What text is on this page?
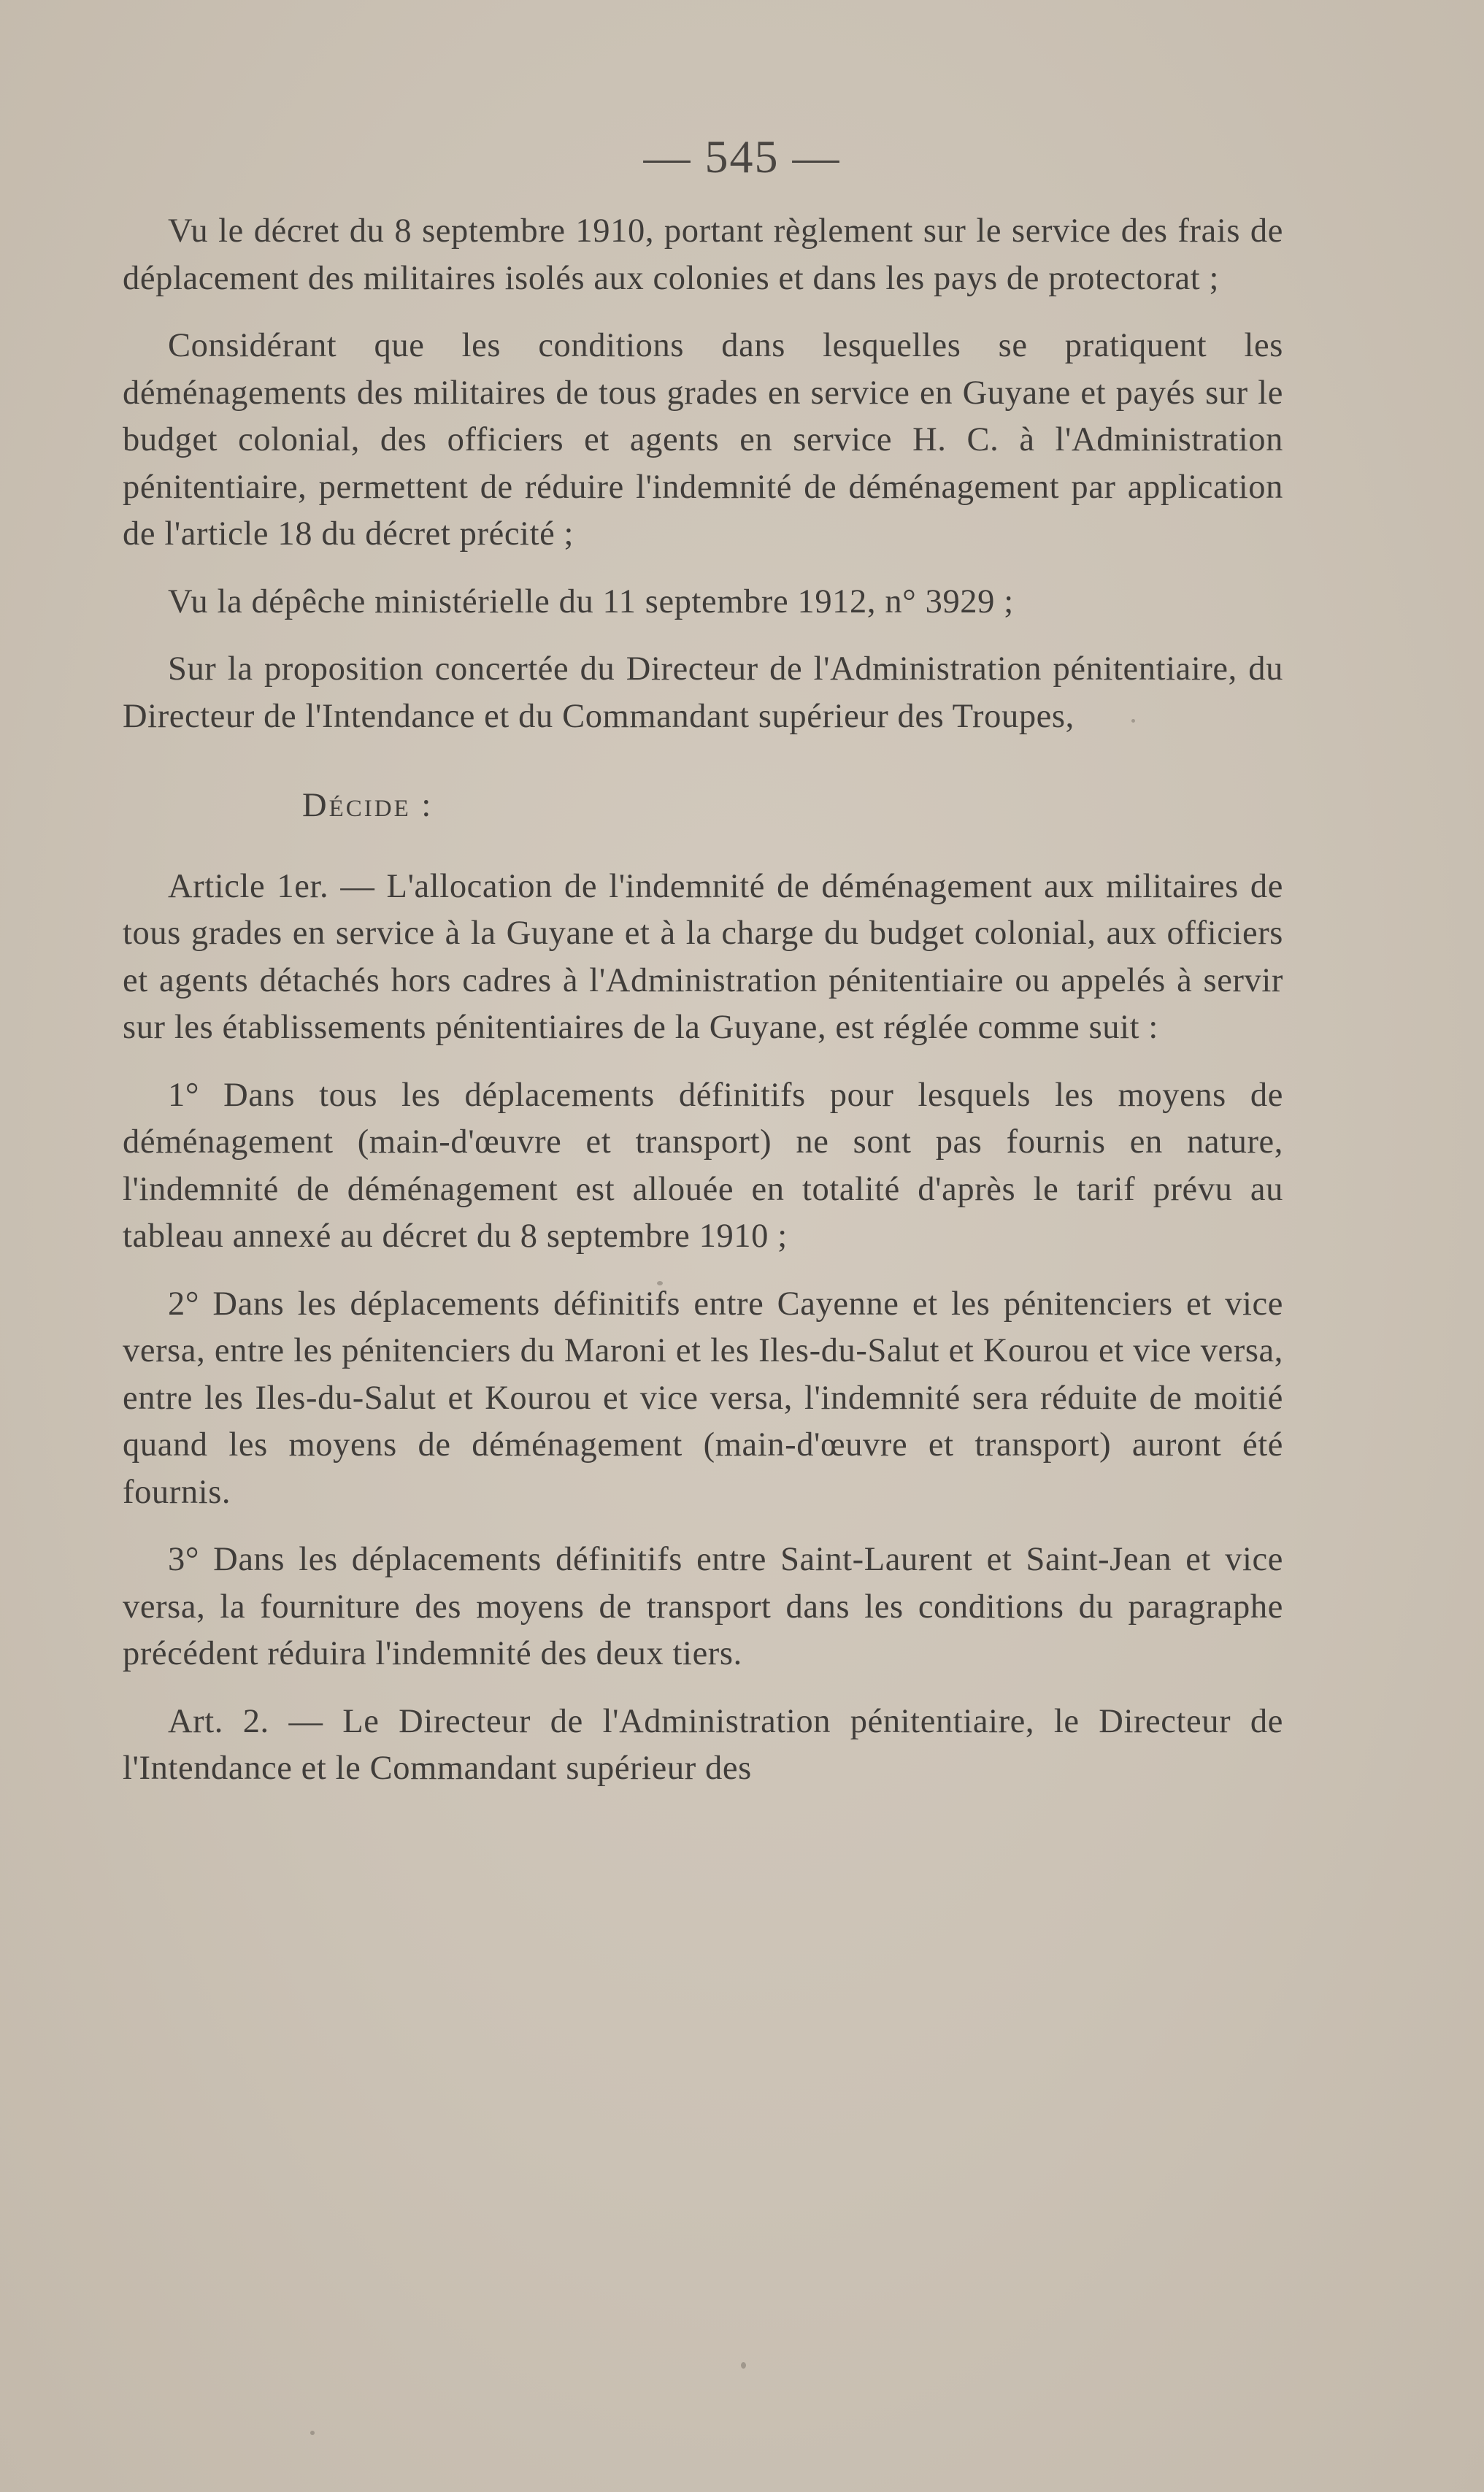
— 545 —

Vu le décret du 8 septembre 1910, portant règlement sur le service des frais de déplacement des militaires isolés aux colonies et dans les pays de protectorat ;

Considérant que les conditions dans lesquelles se pratiquent les déménagements des militaires de tous grades en service en Guyane et payés sur le budget colonial, des officiers et agents en service H. C. à l'Administration pénitentiaire, permettent de réduire l'indemnité de déménagement par application de l'article 18 du décret précité ;

Vu la dépêche ministérielle du 11 septembre 1912, n° 3929 ;

Sur la proposition concertée du Directeur de l'Administration pénitentiaire, du Directeur de l'Intendance et du Commandant supérieur des Troupes,

Décide :

Article 1er. — L'allocation de l'indemnité de déménagement aux militaires de tous grades en service à la Guyane et à la charge du budget colonial, aux officiers et agents détachés hors cadres à l'Administration pénitentiaire ou appelés à servir sur les établissements pénitentiaires de la Guyane, est réglée comme suit :

1° Dans tous les déplacements définitifs pour lesquels les moyens de déménagement (main-d'œuvre et transport) ne sont pas fournis en nature, l'indemnité de déménagement est allouée en totalité d'après le tarif prévu au tableau annexé au décret du 8 septembre 1910 ;

2° Dans les déplacements définitifs entre Cayenne et les pénitenciers et vice versa, entre les pénitenciers du Maroni et les Iles-du-Salut et Kourou et vice versa, entre les Iles-du-Salut et Kourou et vice versa, l'indemnité sera réduite de moitié quand les moyens de déménagement (main-d'œuvre et transport) auront été fournis.

3° Dans les déplacements définitifs entre Saint-Laurent et Saint-Jean et vice versa, la fourniture des moyens de transport dans les conditions du paragraphe précédent réduira l'indemnité des deux tiers.

Art. 2. — Le Directeur de l'Administration pénitentiaire, le Directeur de l'Intendance et le Commandant supérieur des
